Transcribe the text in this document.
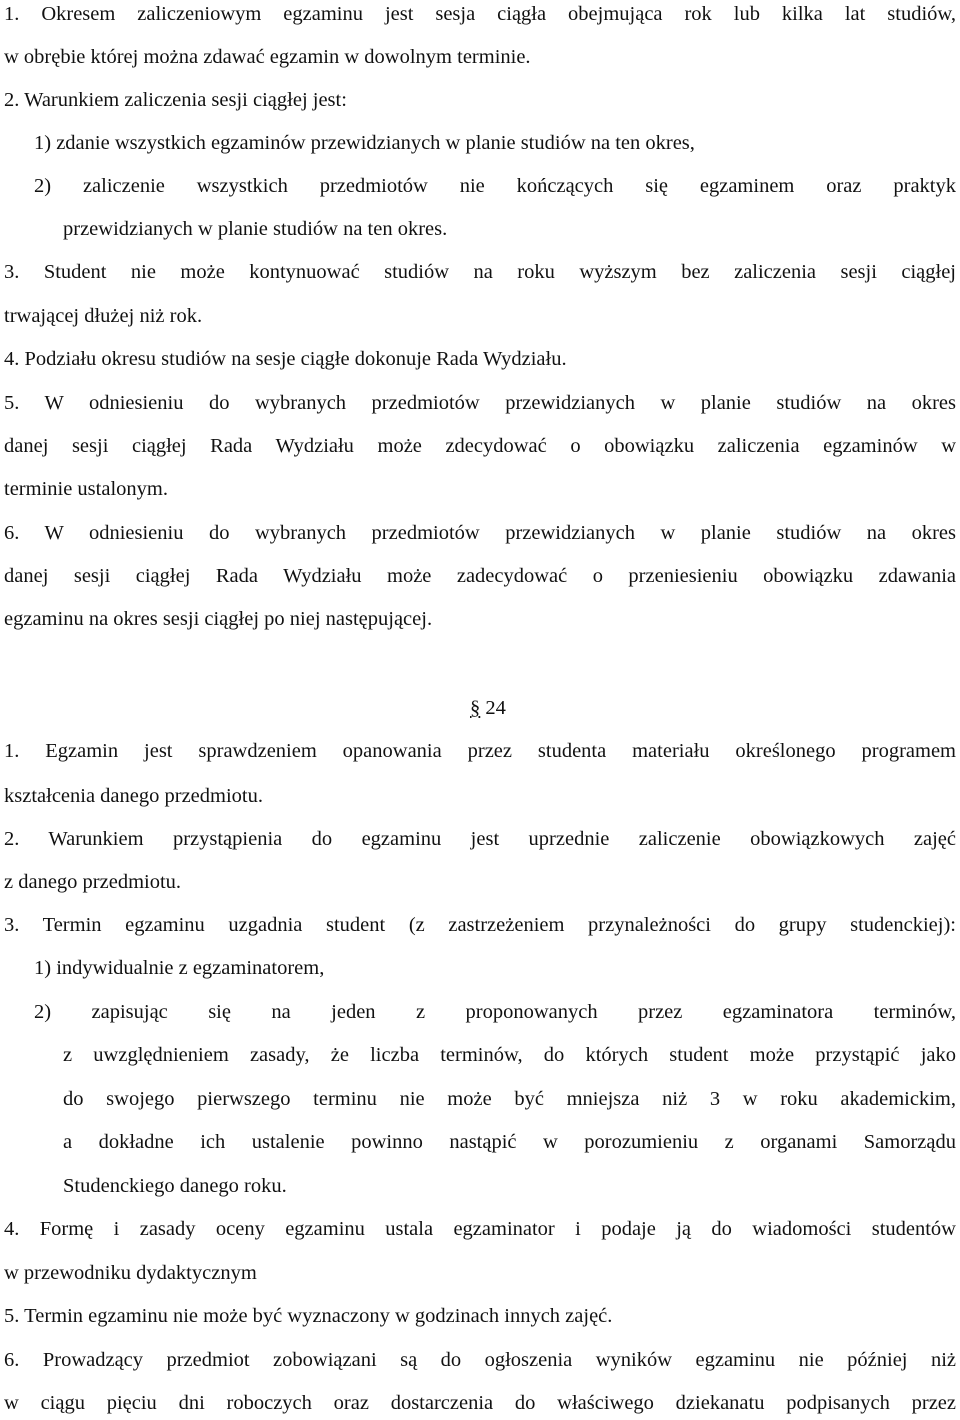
1. Okresem zaliczeniowym egzaminu jest sesja ciągła obejmująca rok lub kilka lat studiów,
w obrębie której można zdawać egzamin w dowolnym terminie.
2. Warunkiem zaliczenia sesji ciągłej jest:
1) zdanie wszystkich egzaminów przewidzianych w planie studiów na ten okres,
2) zaliczenie wszystkich przedmiotów nie kończących się egzaminem oraz praktyk
przewidzianych w planie studiów na ten okres.
3. Student nie może kontynuować studiów na roku wyższym bez zaliczenia sesji ciągłej
trwającej dłużej niż rok.
4. Podziału okresu studiów na sesje ciągłe dokonuje Rada Wydziału.
5. W odniesieniu do wybranych przedmiotów przewidzianych w planie studiów na okres
danej sesji ciągłej Rada Wydziału może zdecydować o obowiązku zaliczenia egzaminów w
terminie ustalonym.
6. W odniesieniu do wybranych przedmiotów przewidzianych w planie studiów na okres
danej sesji ciągłej Rada Wydziału może zadecydować o przeniesieniu obowiązku zdawania
egzaminu na okres sesji ciągłej po niej następującej.
§ 24
1. Egzamin jest sprawdzeniem opanowania przez studenta materiału określonego programem
kształcenia danego przedmiotu.
2. Warunkiem przystąpienia do egzaminu jest uprzednie zaliczenie obowiązkowych zajęć
z danego przedmiotu.
3. Termin egzaminu uzgadnia student (z zastrzeżeniem przynależności do grupy studenckiej):
1) indywidualnie z egzaminatorem,
2) zapisując się na jeden z proponowanych przez egzaminatora terminów,
z uwzględnieniem zasady, że liczba terminów, do których student może przystąpić jako
do swojego pierwszego terminu nie może być mniejsza niż 3 w roku akademickim,
a dokładne ich ustalenie powinno nastąpić w porozumieniu z organami Samorządu
Studenckiego danego roku.
4. Formę i zasady oceny egzaminu ustala egzaminator i podaje ją do wiadomości studentów
w przewodniku dydaktycznym
5. Termin egzaminu nie może być wyznaczony w godzinach innych zajęć.
6. Prowadzący przedmiot zobowiązani są do ogłoszenia wyników egzaminu nie później niż
w ciągu pięciu dni roboczych oraz dostarczenia do właściwego dziekanatu podpisanych przez
